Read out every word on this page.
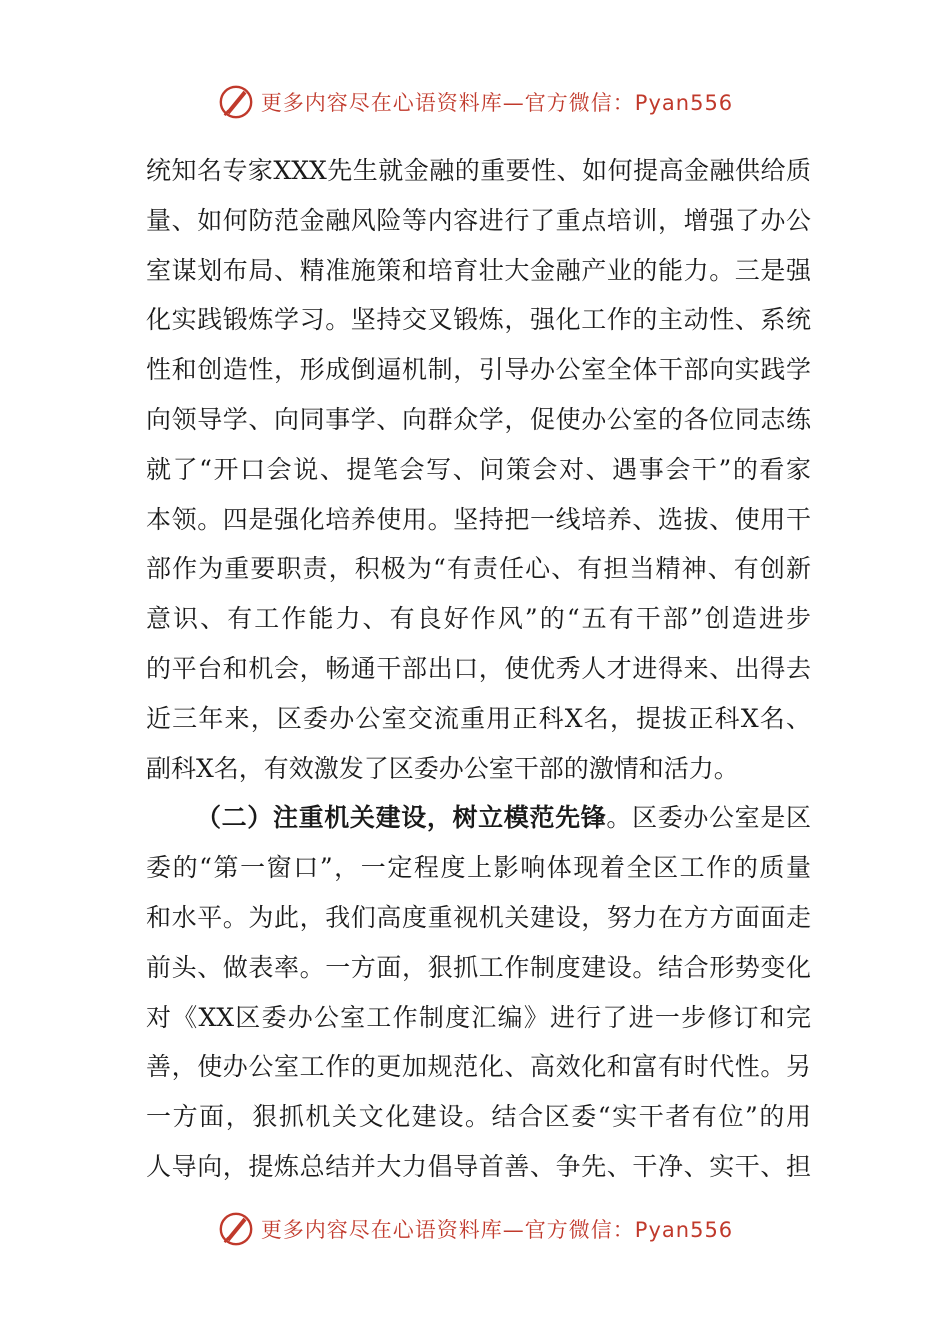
更多内容尽在心语资料库—官方微信：Pyan556
统知名专家XXX先生就金融的重要性、如何提高金融供给质
量、如何防范金融风险等内容进行了重点培训，增强了办公
室谋划布局、精准施策和培育壮大金融产业的能力。三是强
化实践锻炼学习。坚持交叉锻炼，强化工作的主动性、系统
性和创造性，形成倒逼机制，引导办公室全体干部向实践学
向领导学、向同事学、向群众学，促使办公室的各位同志练
就了“开口会说、提笔会写、问策会对、遇事会干”的看家
本领。四是强化培养使用。坚持把一线培养、选拔、使用干
部作为重要职责，积极为“有责任心、有担当精神、有创新
意识、有工作能力、有良好作风”的“五有干部”创造进步
的平台和机会，畅通干部出口，使优秀人才进得来、出得去
近三年来，区委办公室交流重用正科X名，提拔正科X名、
副科X名，有效激发了区委办公室干部的激情和活力。
（二）注重机关建设，树立模范先锋。区委办公室是区
委的“第一窗口”，一定程度上影响体现着全区工作的质量
和水平。为此，我们高度重视机关建设，努力在方方面面走
前头、做表率。一方面，狠抓工作制度建设。结合形势变化
对《XX区委办公室工作制度汇编》进行了进一步修订和完
善，使办公室工作的更加规范化、高效化和富有时代性。另
一方面，狠抓机关文化建设。结合区委“实干者有位”的用
人导向，提炼总结并大力倡导首善、争先、干净、实干、担
更多内容尽在心语资料库—官方微信：Pyan556
